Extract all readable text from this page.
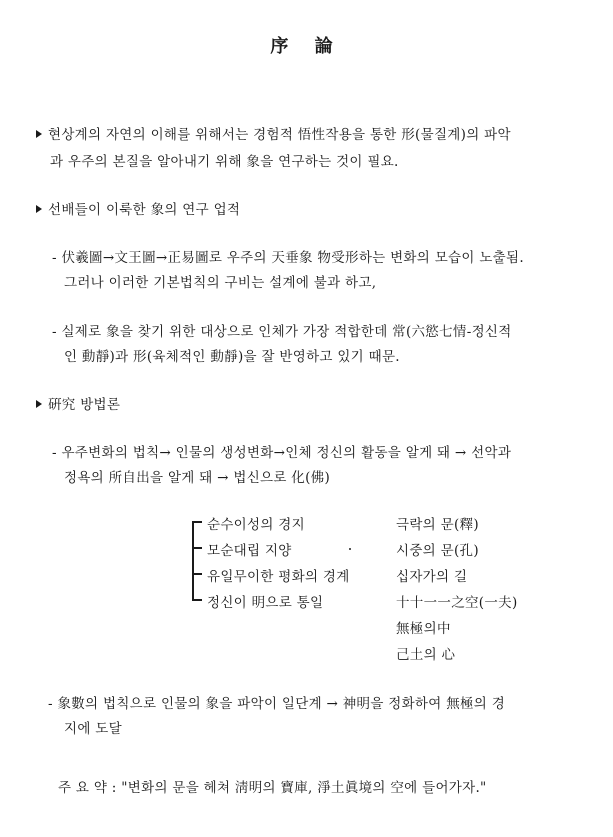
序 論
현상계의 자연의 이해를 위해서는 경험적 悟性작용을 통한 形(물질계)의 파악
과 우주의 본질을 알아내기 위해 象을 연구하는 것이 필요.
선배들이 이룩한 象의 연구 업적
- 伏羲圖→文王圖→正易圖로 우주의 天垂象 物受形하는 변화의 모습이 노출됨.
그러나 이러한 기본법칙의 구비는 설계에 불과 하고,
- 실제로 象을 찾기 위한 대상으로 인체가 가장 적합한데 常(六慾七情-정신적
인 動靜)과 形(육체적인 動靜)을 잘 반영하고 있기 때문.
硏究 방법론
- 우주변화의 법칙→ 인물의 생성변화→인체 정신의 활동을 알게 돼 → 선악과
정욕의 所自出을 알게 돼 → 법신으로 化(佛)
순수이성의 경지
모순대립 지양
유일무이한 평화의 경계
정신이 明으로 통일
극락의 문(釋)
시중의 문(孔)
십자가의 길
十十一一之空(一夫)
無極의中
己土의 心
- 象數의 법칙으로 인물의 象을 파악이 일단계 → 神明을 정화하여 無極의 경
지에 도달
주 요 약 : "변화의 문을 헤쳐 淸明의 寶庫, 淨土眞境의 空에 들어가자."
